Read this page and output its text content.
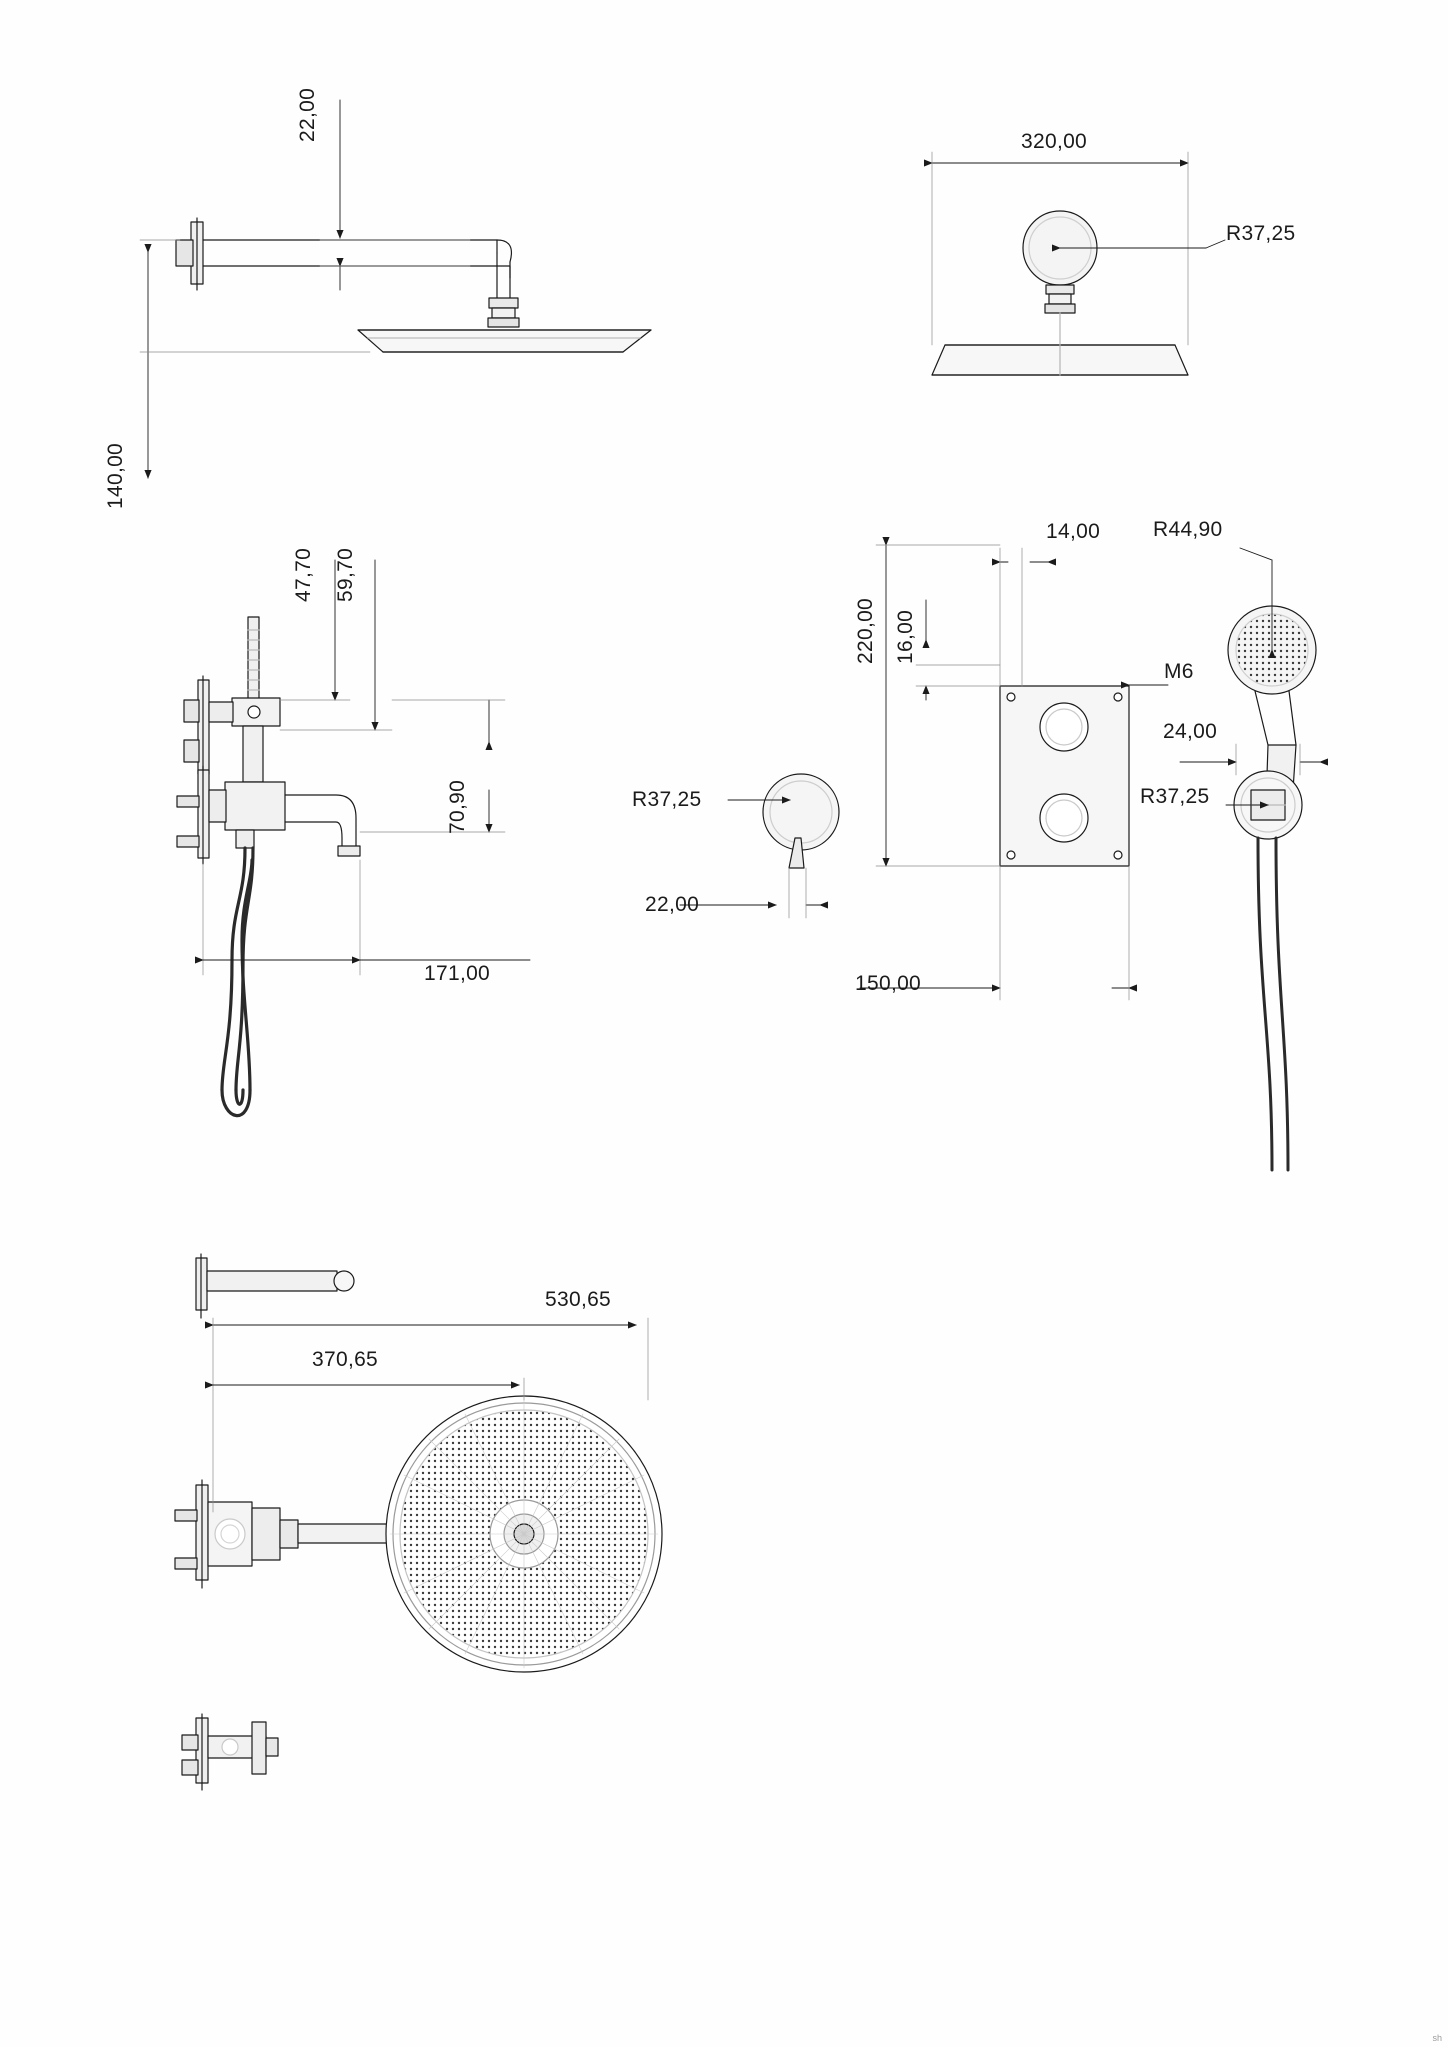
22,00
140,00
320,00
R37,25
47,70 59,70
70,90
171,00
R37,25
22,00
220,00 16,00
14,00
M6
150,00
R44,90
24,00
R37,25
530,65
370,65
sh
